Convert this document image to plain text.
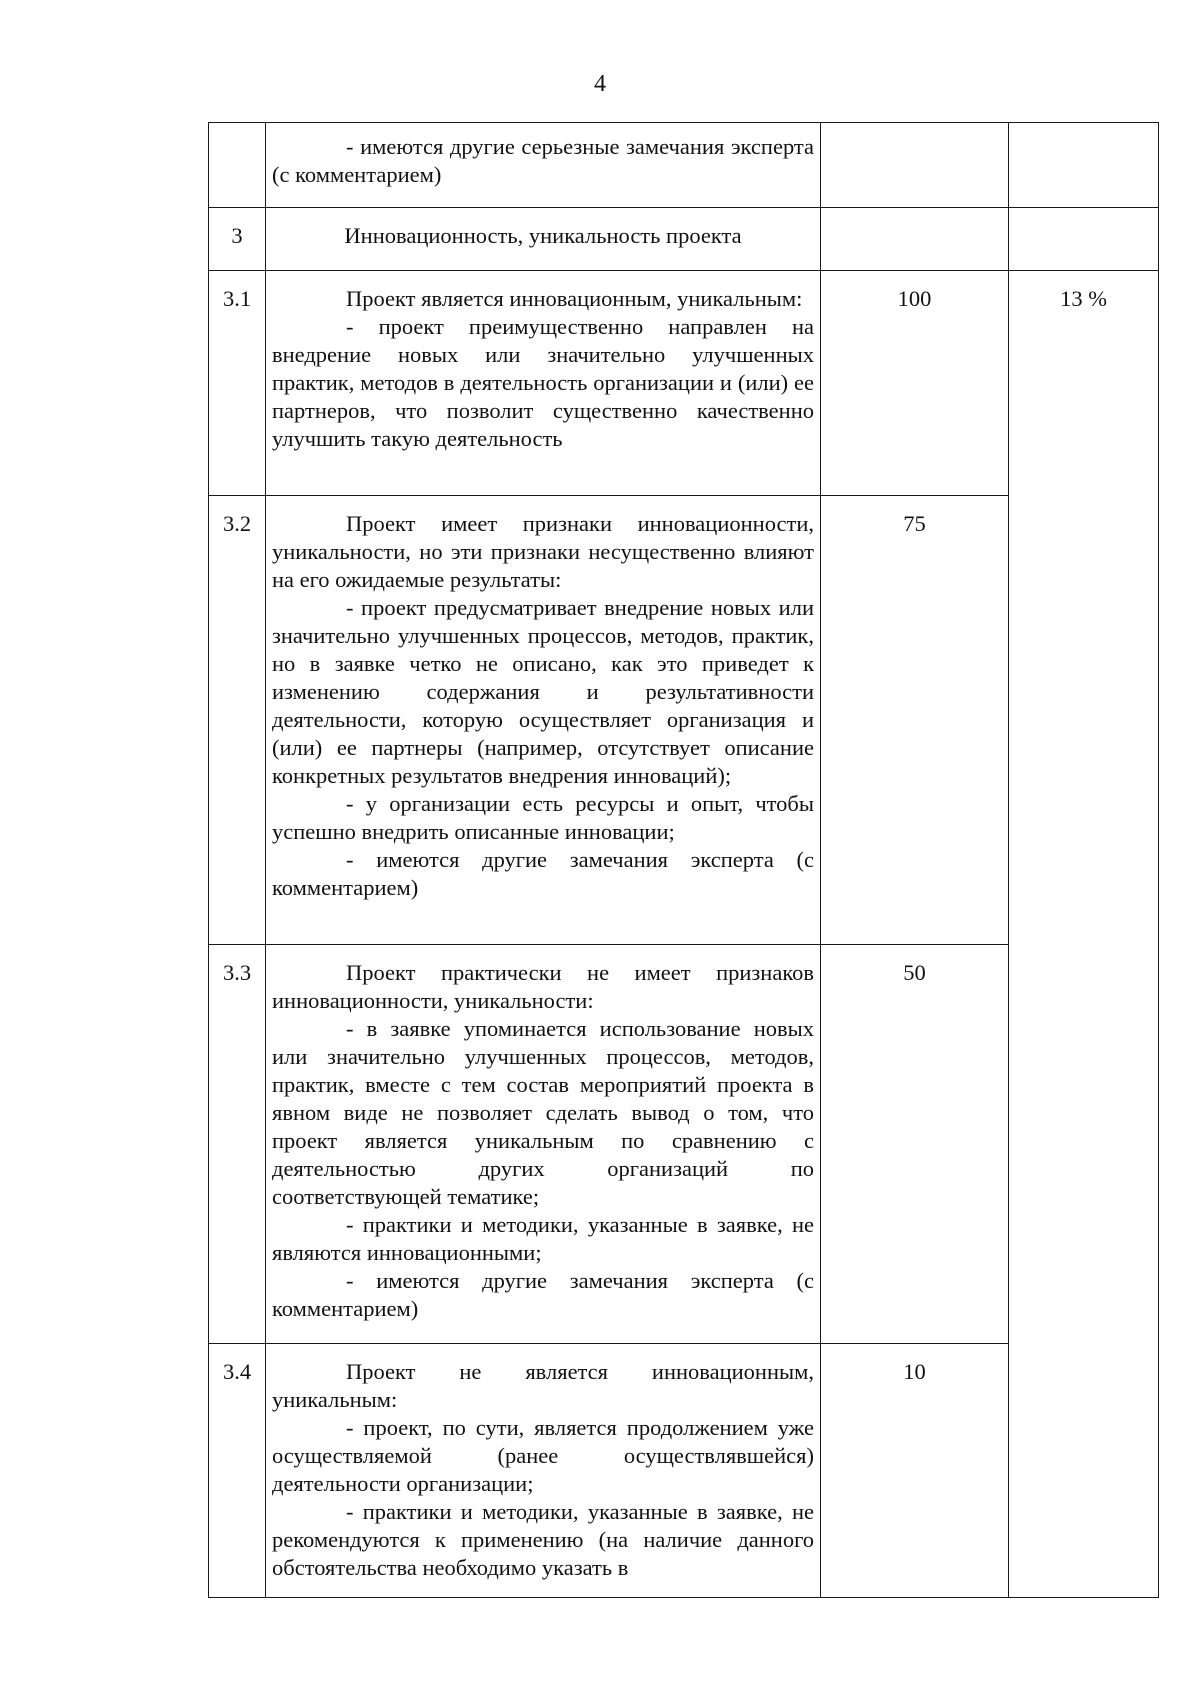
4

	- имеются другие серьезные замечания эксперта (с комментарием)		

3	Инновационность, уникальность проекта		

3.1	Проект является инновационным, уникальным:

- проект преимущественно направлен на внедрение новых или значительно улучшенных практик, методов в деятельность организации и (или) ее партнеров, что позволит существенно качественно улучшить такую деятельность	100	13 %
3.2	Проект имеет признаки инновационности, уникальности, но эти признаки несущественно влияют на его ожидаемые результаты:

- проект предусматривает внедрение новых или значительно улучшенных процессов, методов, практик, но в заявке четко не описано, как это приведет к изменению содержания и результативности деятельности, которую осуществляет организация и (или) ее партнеры (например, отсутствует описание конкретных результатов внедрения инноваций);

- у организации есть ресурсы и опыт, чтобы успешно внедрить описанные инновации;

- имеются другие замечания эксперта (с комментарием)	75	
3.3	Проект практически не имеет признаков инновационности, уникальности:

- в заявке упоминается использование новых или значительно улучшенных процессов, методов, практик, вместе с тем состав мероприятий проекта в явном виде не позволяет сделать вывод о том, что проект является уникальным по сравнению с деятельностью других организаций по соответствующей тематике;

- практики и методики, указанные в заявке, не являются инновационными;

- имеются другие замечания эксперта (с комментарием)	50	
3.4	Проект не является инновационным, уникальным:

- проект, по сути, является продолжением уже осуществляемой (ранее осуществлявшейся) деятельности организации;

- практики и методики, указанные в заявке, не рекомендуются к применению (на наличие данного обстоятельства необходимо указать в	10	
